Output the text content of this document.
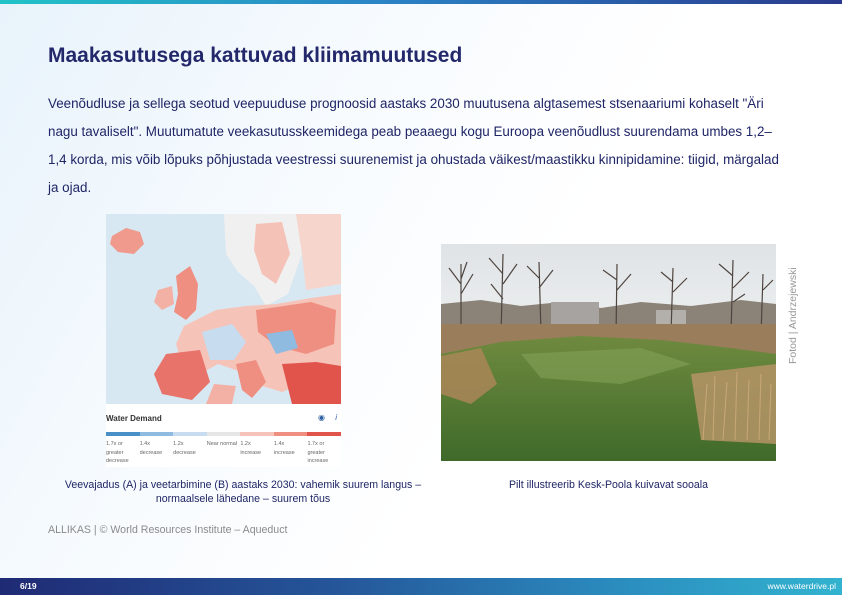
Maakasutusega kattuvad kliimamuutused

Veenõudluse ja sellega seotud veepuuduse prognoosid aastaks 2030 muutusena algtasemest stsenaariumi kohaselt "Äri nagu tavaliselt". Muutumatute veekasutusskeemidega peab peaaegu kogu Euroopa veenõudlust suurendama umbes 1,2–1,4 korda, mis võib lõpuks põhjustada veestressi suurenemist ja ohustada väikest/maastikku kinnipidamine: tiigid, märgalad ja ojad.

Water Demand	◉ i
1.7x or greater decrease
1.4x decrease
1.2x decrease
Near normal 1.2x increase
1.4x increase
1.7x or greater increase
Fotod | Andrzejewski

Veevajadus (A) ja veetarbimine (B) aastaks 2030: vahemik suurem langus – normaalsele lähedane – suurem tõus

Pilt illustreerib Kesk-Poola kuivavat sooala

ALLIKAS | © World Resources Institute – Aqueduct

6/19	www.waterdrive.pl
